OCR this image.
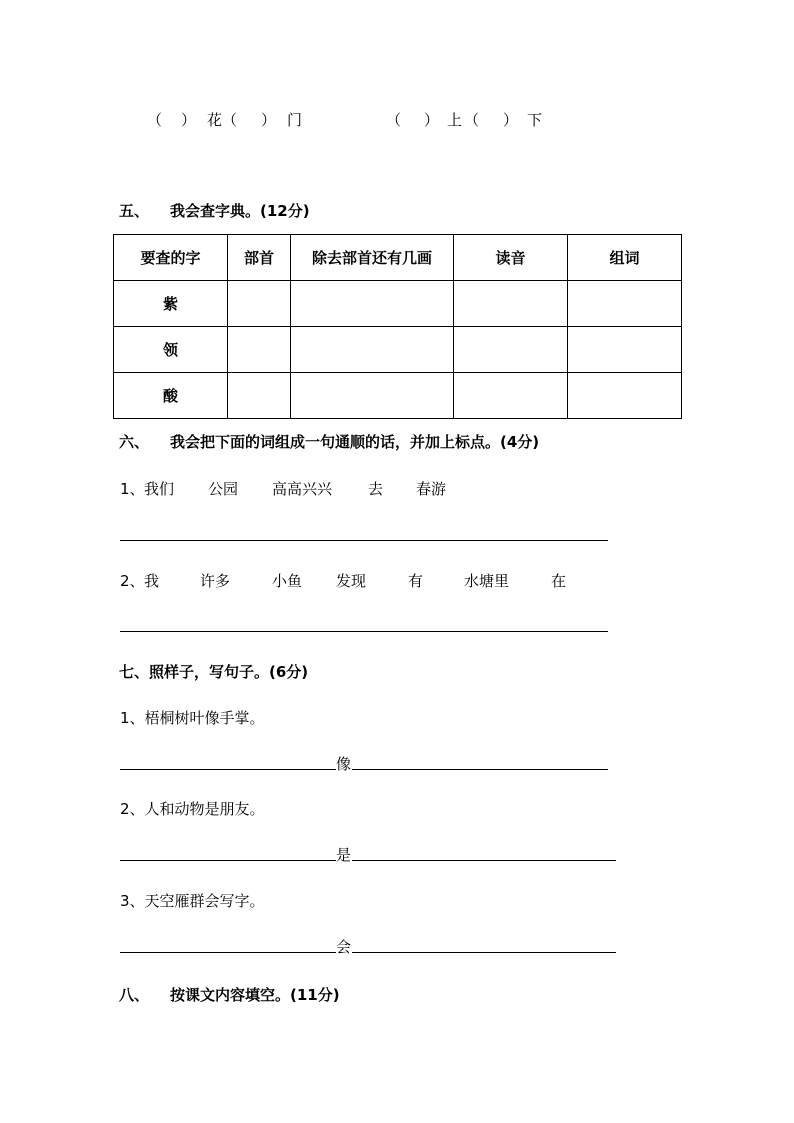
（ ） 花 （ ） 门	（ ） 上 （ ） 下
五、 我会查字典。(12分)
要查的字	部首	除去部首还有几画	读音	组词
紫				
领				
酸				
六、 我会把下面的词组成一句通顺的话，并加上标点。(4分)
1、 我们 公园 高高兴兴 去 春游
2、 我	许多	小鱼 发现	有	水塘里	在
七、照样子，写句子。(6分)
1、梧桐树叶像手掌。
像
2、人和动物是朋友。
是
3、天空雁群会写字。
会
八、 按课文内容填空。(11分)
